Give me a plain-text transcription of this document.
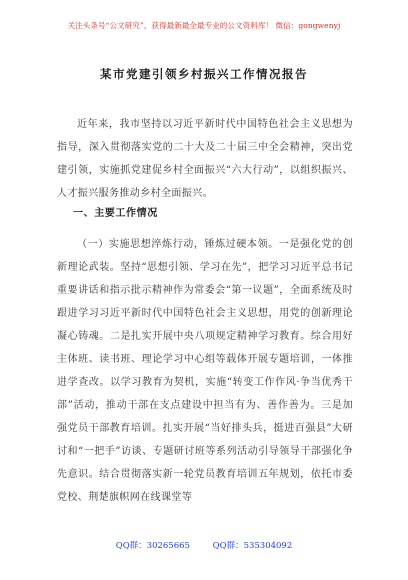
关注头条号“公文研究”，获得最新最全最专业的公文资料库！ 微信：gongwenyj
某市党建引领乡村振兴工作情况报告
近年来，我市坚持以习近平新时代中国特色社会主义思想为指导，深入贯彻落实党的二十大及二十届三中全会精神，突出党建引领，实施抓党建促乡村全面振兴“六大行动”，以组织振兴、人才振兴服务推动乡村全面振兴。
一、主要工作情况
（一）实施思想淬炼行动，锤炼过硬本领。一是强化党的创新理论武装。坚持“思想引领、学习在先”，把学习习近平总书记重要讲话和指示批示精神作为常委会“第一议题”，全面系统及时跟进学习习近平新时代中国特色社会主义思想，用党的创新理论凝心铸魂。二是扎实开展中央八项规定精神学习教育。综合用好主体班、读书班、理论学习中心组等载体开展专题培训，一体推进学查改。以学习教育为契机，实施“转变工作作风·争当优秀干部”活动，推动干部在支点建设中担当有为、善作善为。三是加强党员干部教育培训。扎实开展“当好排头兵，挺进百强县”大研讨和“一把手”访谈、专题研讨班等系列活动引导领导干部强化争先意识。结合贯彻落实新一轮党员教育培训五年规划，依托市委党校、荆楚旗帜网在线课堂等
QQ群：30265665	QQ群：535304092
